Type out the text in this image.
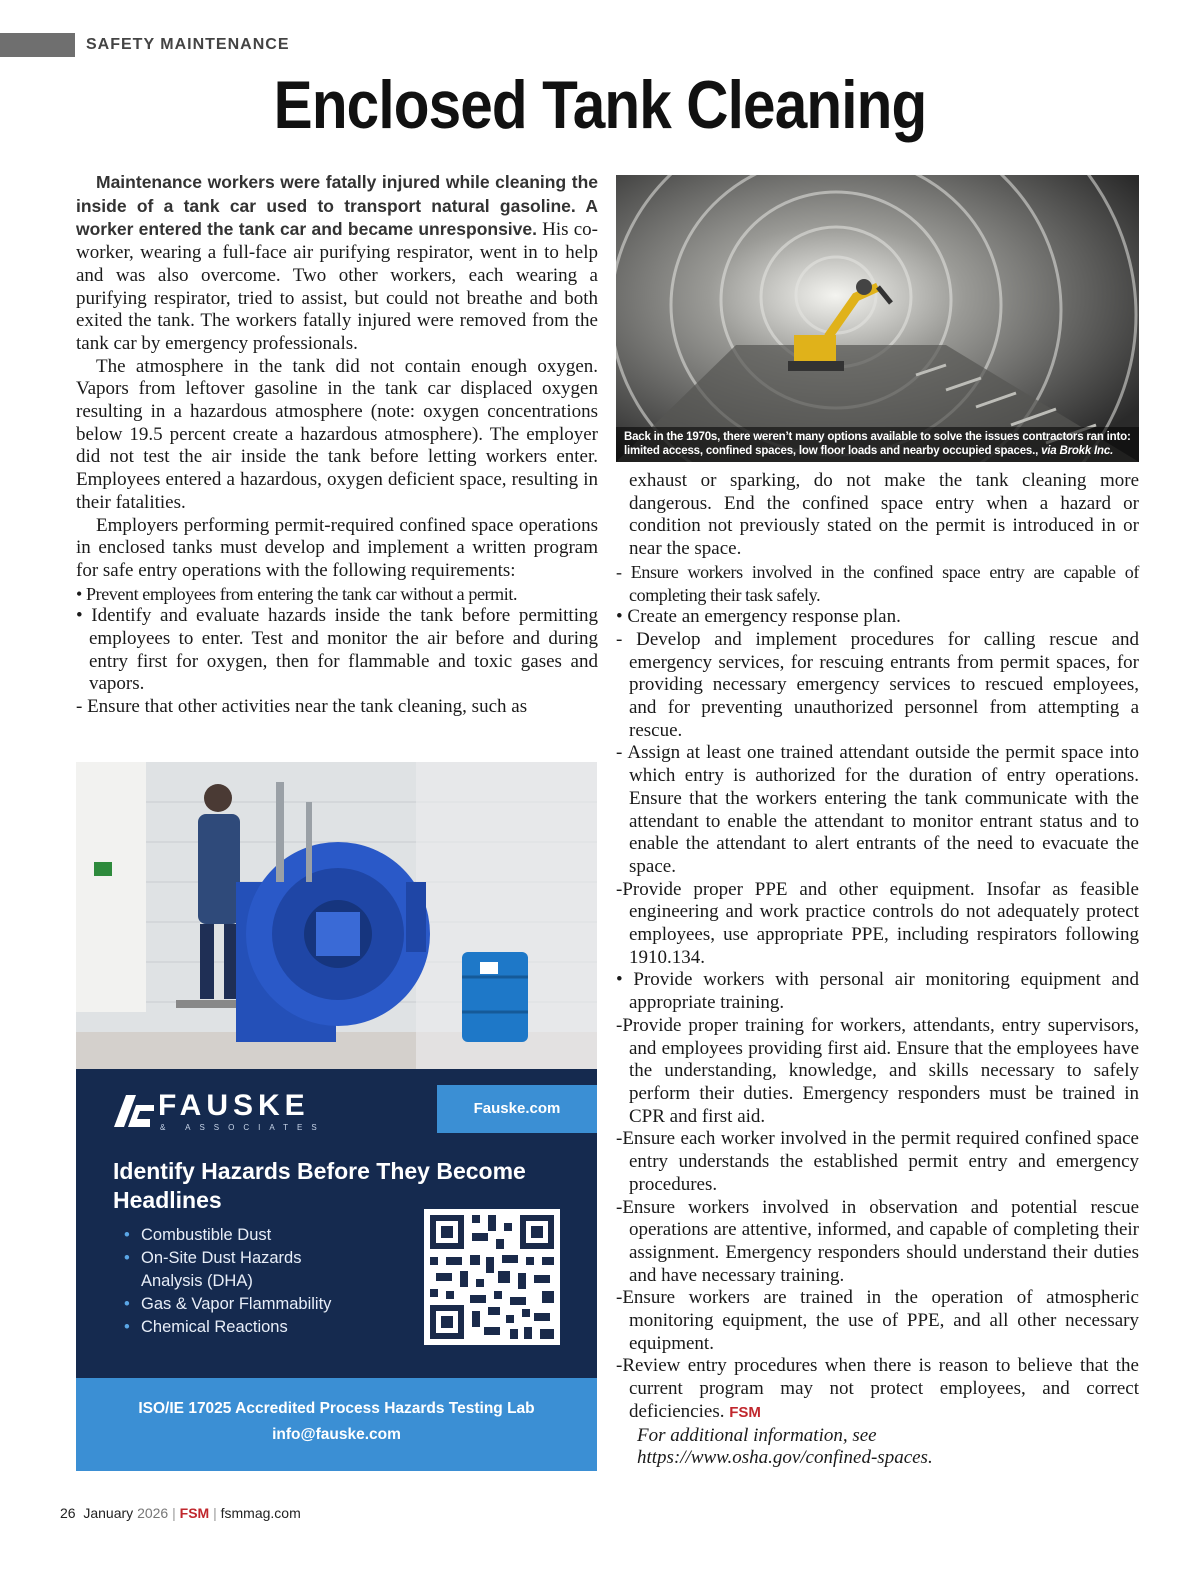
SAFETY MAINTENANCE
Enclosed Tank Cleaning

Maintenance workers were fatally injured while cleaning the inside of a tank car used to transport natural gasoline. A worker entered the tank car and became unresponsive. His co-worker, wearing a full-face air purifying respirator, went in to help and was also overcome. Two other workers, each wearing a purifying respirator, tried to assist, but could not breathe and both exited the tank. The workers fatally injured were removed from the tank car by emergency professionals.

The atmosphere in the tank did not contain enough oxygen. Vapors from leftover gasoline in the tank car displaced oxygen resulting in a hazardous atmosphere (note: oxygen concentrations below 19.5 percent create a hazardous atmosphere). The employer did not test the air inside the tank before letting workers enter. Employees entered a hazardous, oxygen deficient space, resulting in their fatalities.

Employers performing permit-required confined space operations in enclosed tanks must develop and implement a written program for safe entry operations with the following requirements:

• Prevent employees from entering the tank car without a permit.

• Identify and evaluate hazards inside the tank before permitting employees to enter. Test and monitor the air before and during entry first for oxygen, then for flammable and toxic gases and vapors.

- Ensure that other activities near the tank cleaning, such as

Back in the 1970s, there weren’t many options available to solve the issues contractors ran into: limited access, confined spaces, low floor loads and nearby occupied spaces., via Brokk Inc.

exhaust or sparking, do not make the tank cleaning more dangerous. End the confined space entry when a hazard or condition not previously stated on the permit is introduced in or near the space.

- Ensure workers involved in the confined space entry are capable of completing their task safely.

• Create an emergency response plan.

- Develop and implement procedures for calling rescue and emergency services, for rescuing entrants from permit spaces, for providing necessary emergency services to rescued employees, and for preventing unauthorized personnel from attempting a rescue.

- Assign at least one trained attendant outside the permit space into which entry is authorized for the duration of entry operations. Ensure that the workers entering the tank communicate with the attendant to enable the attendant to monitor entrant status and to enable the attendant to alert entrants of the need to evacuate the space.

-Provide proper PPE and other equipment. Insofar as feasible engineering and work practice controls do not adequately protect employees, use appropriate PPE, including respirators following 1910.134.

• Provide workers with personal air monitoring equipment and appropriate training.

-Provide proper training for workers, attendants, entry supervisors, and employees providing first aid. Ensure that the employees have the understanding, knowledge, and skills necessary to safely perform their duties. Emergency responders must be trained in CPR and first aid.

-Ensure each worker involved in the permit required confined space entry understands the established permit entry and emergency procedures.

-Ensure workers involved in observation and potential rescue operations are attentive, informed, and capable of completing their assignment. Emergency responders should understand their duties and have necessary training.

-Ensure workers are trained in the operation of atmospheric monitoring equipment, the use of PPE, and all other necessary equipment.

-Review entry procedures when there is reason to believe that the current program may not protect employees, and correct deficiencies. FSM

For additional information, see

https://www.osha.gov/confined-spaces.

FAUSKE
& ASSOCIATES
Fauske.com
Identify Hazards Before They Become Headlines
• Combustible Dust
• On-Site Dust Hazards
Analysis (DHA)
• Gas & Vapor Flammability
• Chemical Reactions
ISO/IE 17025 Accredited Process Hazards Testing Lab
info@fauske.com
26 January 2026 | FSM | fsmmag.com
